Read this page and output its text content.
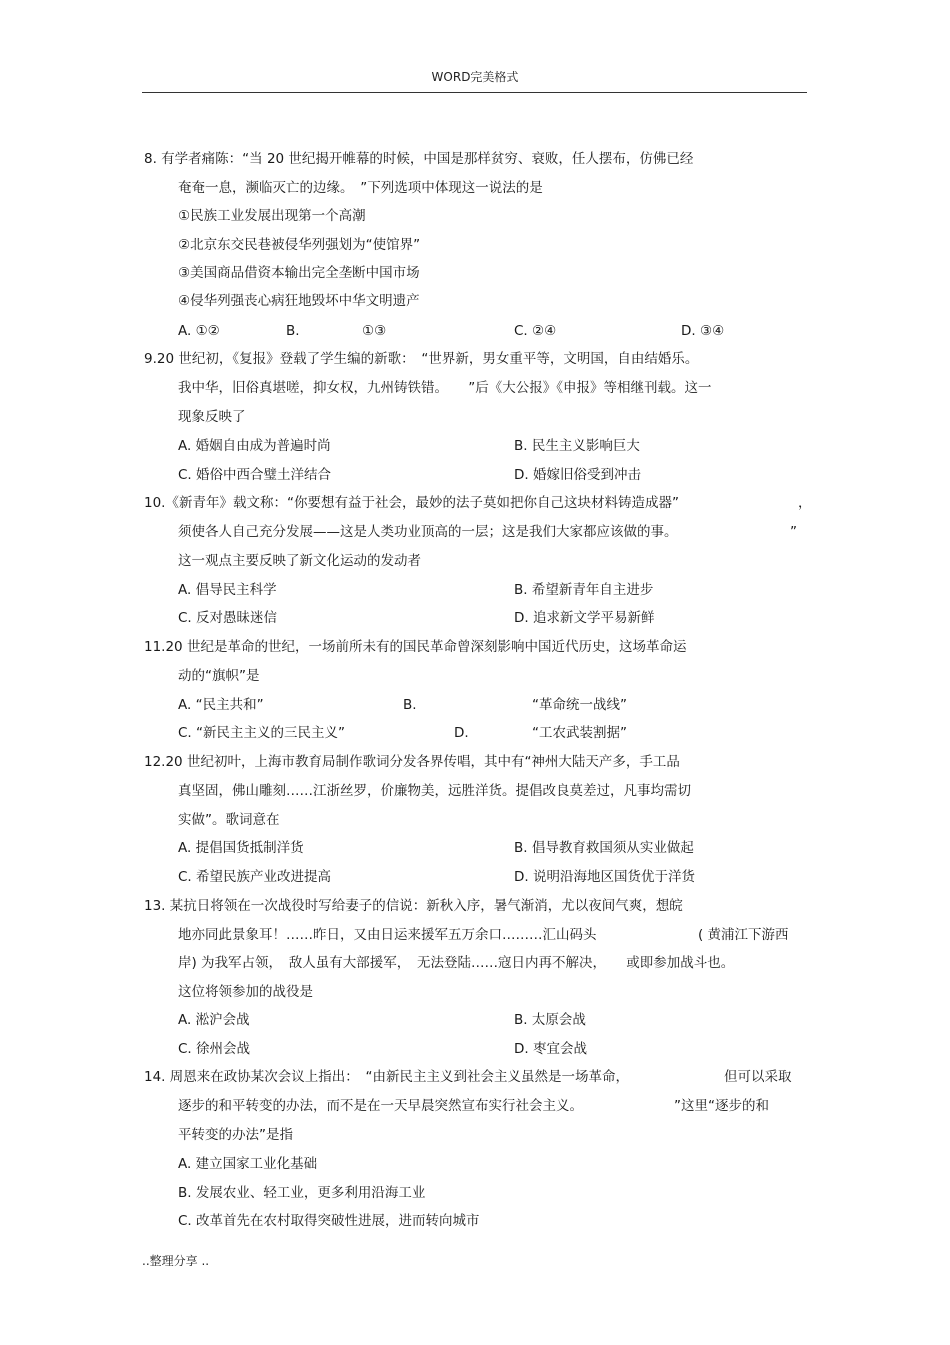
WORD完美格式
8. 有学者痛陈：“当 20 世纪揭开帷幕的时候，中国是那样贫穷、衰败，任人摆布，仿佛已经
奄奄一息，濒临灭亡的边缘。　”下列选项中体现这一说法的是
①民族工业发展出现第一个高潮
②北京东交民巷被侵华列强划为“使馆界”
③美国商品借资本输出完全垄断中国市场
④侵华列强丧心病狂地毁坏中华文明遗产
A. ①②	B.	①③	C. ②④	D. ③④
9.20 世纪初，《复报》登载了学生编的新歌：　“世界新，男女重平等，文明国，自由结婚乐。
我中华，旧俗真堪嗟，抑女权，九州铸铁错。　　”后《大公报》《申报》等相继刊载。这一
现象反映了
A. 婚姻自由成为普遍时尚	B. 民生主义影响巨大
C. 婚俗中西合璧土洋结合	D. 婚嫁旧俗受到冲击
10.《新青年》载文称：“你要想有益于社会，最妙的法子莫如把你自己这块材料铸造成器”	，
须使各人自己充分发展——这是人类功业顶高的一层；这是我们大家都应该做的事。	”
这一观点主要反映了新文化运动的发动者
A. 倡导民主科学	B. 希望新青年自主进步
C. 反对愚昧迷信	D. 追求新文学平易新鲜
11.20 世纪是革命的世纪，一场前所未有的国民革命曾深刻影响中国近代历史，这场革命运
动的“旗帜”是
A. “民主共和”	B.	“革命统一战线”
C. “新民主主义的三民主义”	D.	“工农武装割据”
12.20 世纪初叶，上海市教育局制作歌词分发各界传唱，其中有“神州大陆天产多，手工品
真坚固，佛山雕刻……江浙丝罗，价廉物美，远胜洋货。提倡改良莫差过，凡事均需切
实做”。歌词意在
A. 提倡国货抵制洋货	B. 倡导教育救国须从实业做起
C. 希望民族产业改进提高	D. 说明沿海地区国货优于洋货
13. 某抗日将领在一次战役时写给妻子的信说：新秋入序，暑气渐消，尤以夜间气爽，想皖
地亦同此景象耳！……昨日，又由日运来援军五万余口………汇山码头	( 黄浦江下游西
岸) 为我军占领，　敌人虽有大部援军，　无法登陆……寇日内再不解决，　　或即参加战斗也。
这位将领参加的战役是
A. 淞沪会战	B. 太原会战
C. 徐州会战	D. 枣宜会战
14. 周恩来在政协某次会议上指出：　“由新民主主义到社会主义虽然是一场革命，	但可以采取
逐步的和平转变的办法，而不是在一天早晨突然宣布实行社会主义。	”这里“逐步的和
平转变的办法”是指
A. 建立国家工业化基础
B. 发展农业、轻工业，更多利用沿海工业
C. 改革首先在农村取得突破性进展，进而转向城市
..整理分享 ..
